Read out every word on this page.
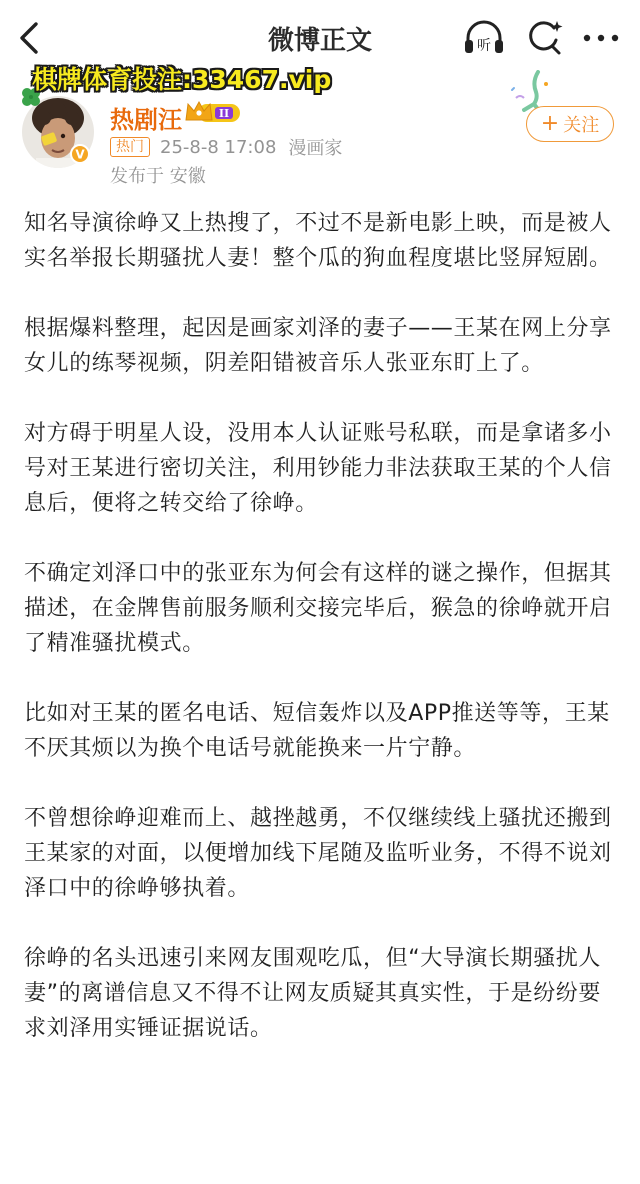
微博正文	听
V
热剧汪	II
热门 25-8-8 17:08 漫画家
发布于 安徽
+ 关注
棋牌体育投注:33467.vip

知名导演徐峥又上热搜了，不过不是新电影上映，而是被人实名举报长期骚扰人妻！整个瓜的狗血程度堪比竖屏短剧。

根据爆料整理，起因是画家刘泽的妻子——王某在网上分享女儿的练琴视频，阴差阳错被音乐人张亚东盯上了。

对方碍于明星人设，没用本人认证账号私联，而是拿诸多小号对王某进行密切关注，利用钞能力非法获取王某的个人信息后，便将之转交给了徐峥。

不确定刘泽口中的张亚东为何会有这样的谜之操作，但据其描述，在金牌售前服务顺利交接完毕后，猴急的徐峥就开启了精准骚扰模式。

比如对王某的匿名电话、短信轰炸以及APP推送等等，王某不厌其烦以为换个电话号就能换来一片宁静。

不曾想徐峥迎难而上、越挫越勇，不仅继续线上骚扰还搬到王某家的对面，以便增加线下尾随及监听业务，不得不说刘泽口中的徐峥够执着。

徐峥的名头迅速引来网友围观吃瓜，但“大导演长期骚扰人妻”的离谱信息又不得不让网友质疑其真实性，于是纷纷要求刘泽用实锤证据说话。
